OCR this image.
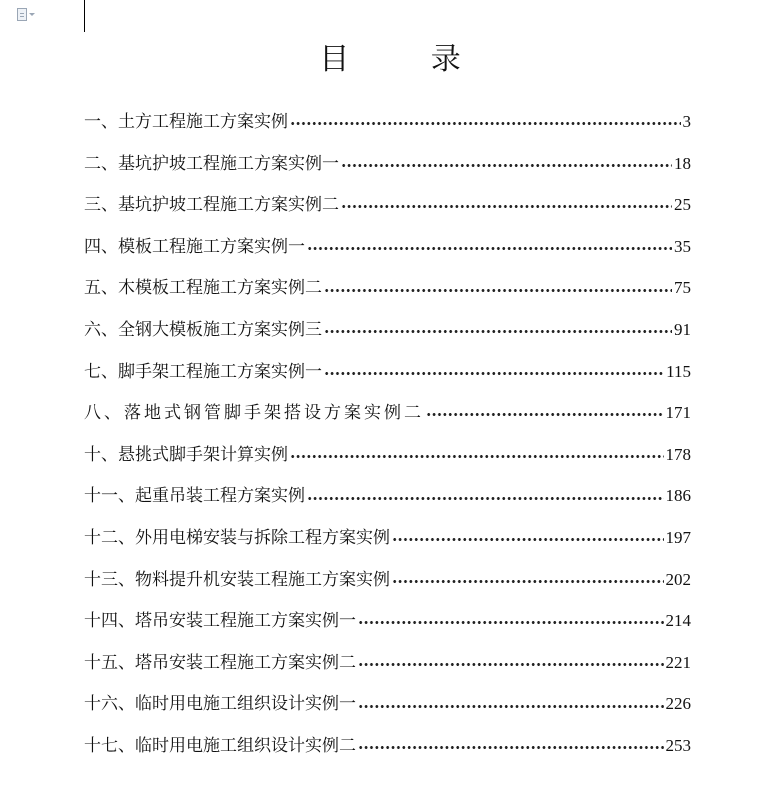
目 录
一、土方工程施工方案实例	3
二、基坑护坡工程施工方案实例一	18
三、基坑护坡工程施工方案实例二	25
四、模板工程施工方案实例一	35
五、木模板工程施工方案实例二	75
六、全钢大模板施工方案实例三	91
七、脚手架工程施工方案实例一	115
八、落地式钢管脚手架搭设方案实例二	171
十、悬挑式脚手架计算实例	178
十一、起重吊装工程方案实例	186
十二、外用电梯安装与拆除工程方案实例	197
十三、物料提升机安装工程施工方案实例	202
十四、塔吊安装工程施工方案实例一	214
十五、塔吊安装工程施工方案实例二	221
十六、临时用电施工组织设计实例一	226
十七、临时用电施工组织设计实例二	253
